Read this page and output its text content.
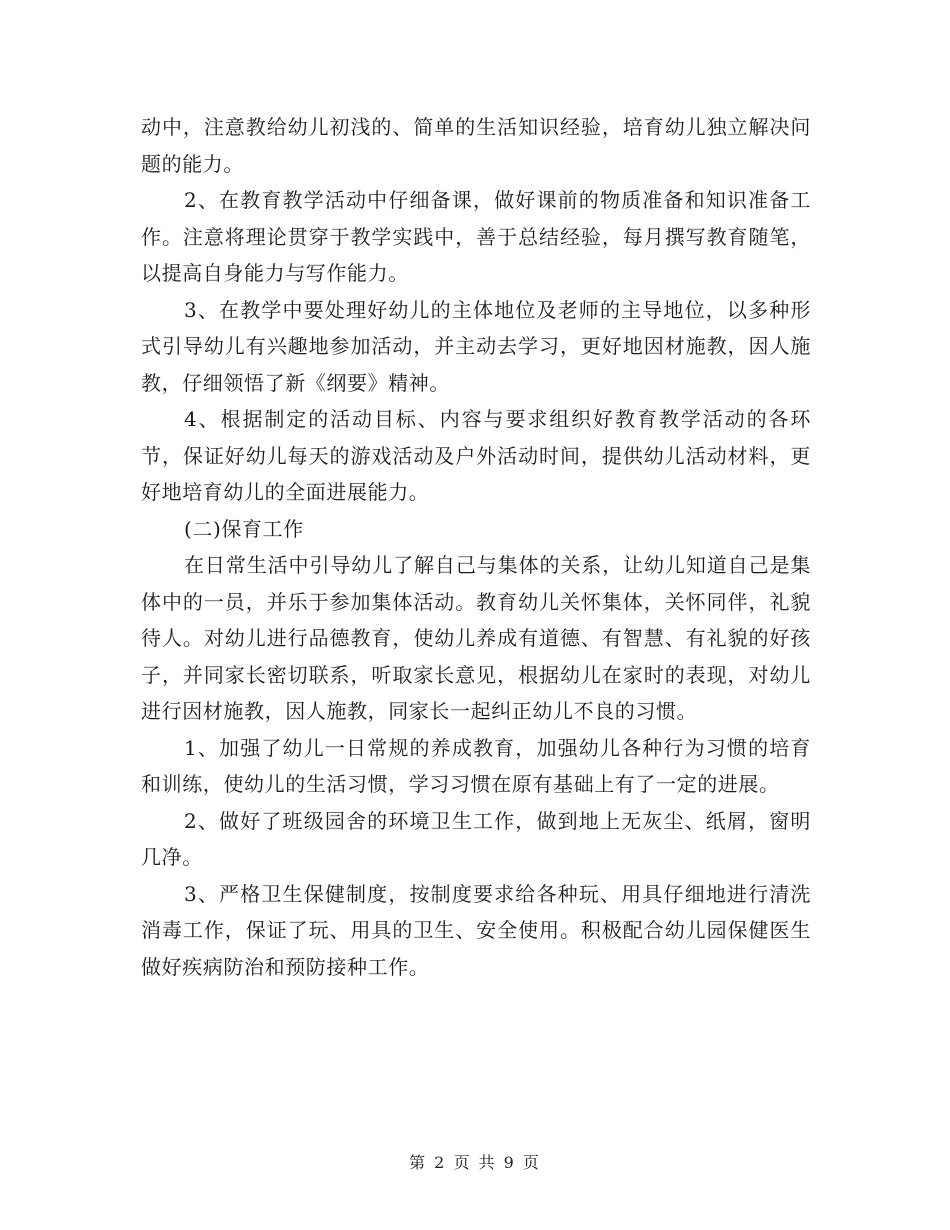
动中，注意教给幼儿初浅的、简单的生活知识经验，培育幼儿独立解决问题的能力。

2、在教育教学活动中仔细备课，做好课前的物质准备和知识准备工作。注意将理论贯穿于教学实践中，善于总结经验，每月撰写教育随笔，以提高自身能力与写作能力。

3、在教学中要处理好幼儿的主体地位及老师的主导地位，以多种形式引导幼儿有兴趣地参加活动，并主动去学习，更好地因材施教，因人施教，仔细领悟了新《纲要》精神。

4、根据制定的活动目标、内容与要求组织好教育教学活动的各环节，保证好幼儿每天的游戏活动及户外活动时间，提供幼儿活动材料，更好地培育幼儿的全面进展能力。

(二)保育工作

在日常生活中引导幼儿了解自己与集体的关系，让幼儿知道自己是集体中的一员，并乐于参加集体活动。教育幼儿关怀集体，关怀同伴，礼貌待人。对幼儿进行品德教育，使幼儿养成有道德、有智慧、有礼貌的好孩子，并同家长密切联系，听取家长意见，根据幼儿在家时的表现，对幼儿进行因材施教，因人施教，同家长一起纠正幼儿不良的习惯。

1、加强了幼儿一日常规的养成教育，加强幼儿各种行为习惯的培育和训练，使幼儿的生活习惯，学习习惯在原有基础上有了一定的进展。

2、做好了班级园舍的环境卫生工作，做到地上无灰尘、纸屑，窗明几净。

3、严格卫生保健制度，按制度要求给各种玩、用具仔细地进行清洗消毒工作，保证了玩、用具的卫生、安全使用。积极配合幼儿园保健医生做好疾病防治和预防接种工作。

第 2 页 共 9 页
